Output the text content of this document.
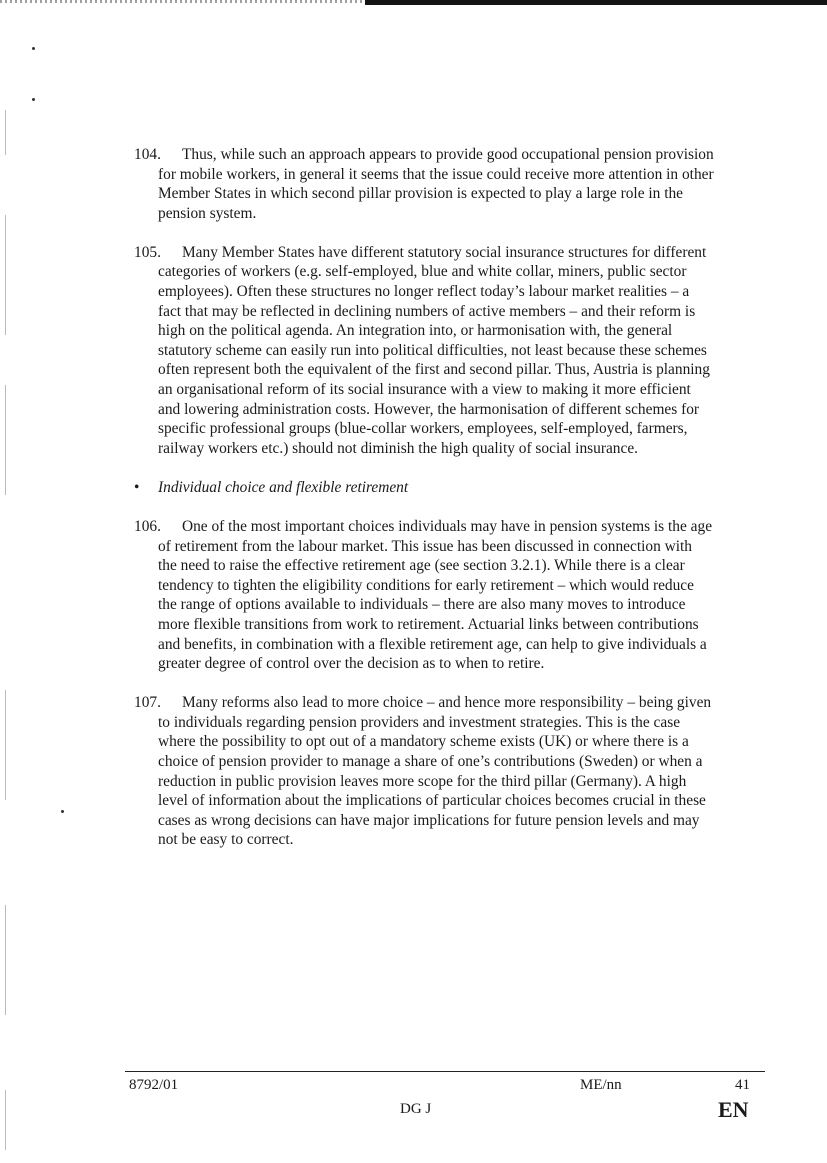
104. Thus, while such an approach appears to provide good occupational pension provision for mobile workers, in general it seems that the issue could receive more attention in other Member States in which second pillar provision is expected to play a large role in the pension system.

105. Many Member States have different statutory social insurance structures for different categories of workers (e.g. self-employed, blue and white collar, miners, public sector employees). Often these structures no longer reflect today’s labour market realities – a fact that may be reflected in declining numbers of active members – and their reform is high on the political agenda. An integration into, or harmonisation with, the general statutory scheme can easily run into political difficulties, not least because these schemes often represent both the equivalent of the first and second pillar. Thus, Austria is planning an organisational reform of its social insurance with a view to making it more efficient and lowering administration costs. However, the harmonisation of different schemes for specific professional groups (blue-collar workers, employees, self-employed, farmers, railway workers etc.) should not diminish the high quality of social insurance.

• Individual choice and flexible retirement

106. One of the most important choices individuals may have in pension systems is the age of retirement from the labour market. This issue has been discussed in connection with the need to raise the effective retirement age (see section 3.2.1). While there is a clear tendency to tighten the eligibility conditions for early retirement – which would reduce the range of options available to individuals – there are also many moves to introduce more flexible transitions from work to retirement. Actuarial links between contributions and benefits, in combination with a flexible retirement age, can help to give individuals a greater degree of control over the decision as to when to retire.

107. Many reforms also lead to more choice – and hence more responsibility – being given to individuals regarding pension providers and investment strategies. This is the case where the possibility to opt out of a mandatory scheme exists (UK) or where there is a choice of pension provider to manage a share of one’s contributions (Sweden) or when a reduction in public provision leaves more scope for the third pillar (Germany). A high level of information about the implications of particular choices becomes crucial in these cases as wrong decisions can have major implications for future pension levels and may not be easy to correct.

8792/01	ME/nn	41
DG J	EN
